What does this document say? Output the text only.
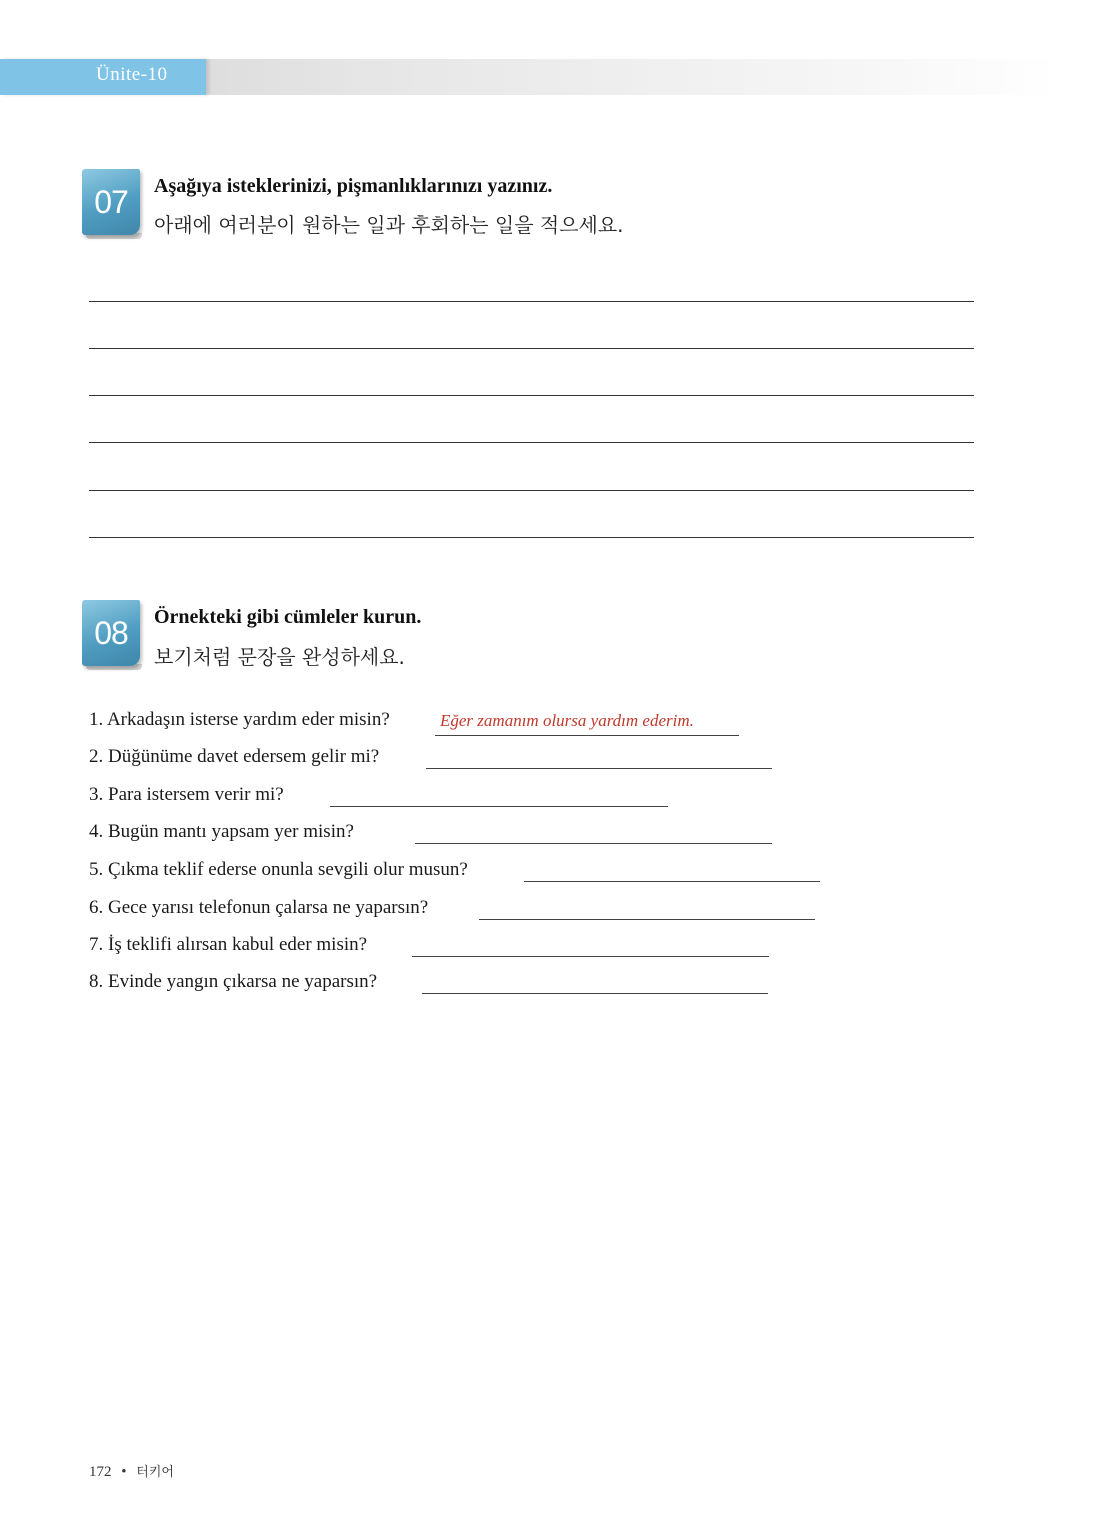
Ünite-10
07	Aşağıya isteklerinizi, pişmanlıklarınızı yazınız.
아래에 여러분이 원하는 일과 후회하는 일을 적으세요.
08	Örnekteki gibi cümleler kurun.
보기처럼 문장을 완성하세요.
1. Arkadaşın isterse yardım eder misin?	Eğer zamanım olursa yardım ederim.
2. Düğünüme davet edersem gelir mi?
3. Para istersem verir mi?
4. Bugün mantı yapsam yer misin?
5. Çıkma teklif ederse onunla sevgili olur musun?
6. Gece yarısı telefonun çalarsa ne yaparsın?
7. İş teklifi alırsan kabul eder misin?
8. Evinde yangın çıkarsa ne yaparsın?
172 • 터키어
